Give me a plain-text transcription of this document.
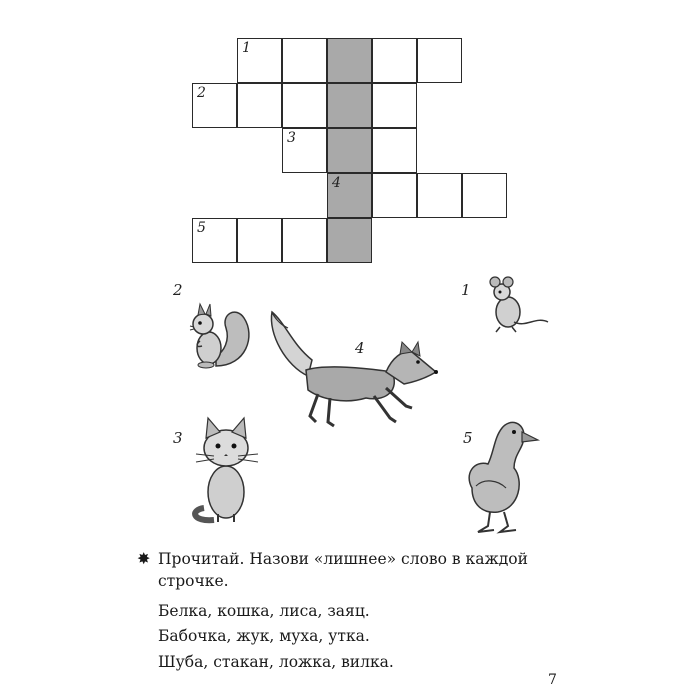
1
2
3
4
5
2	1
4
3	5
✸ Прочитай. Назови «лишнее» слово в каждой
строчке.
Белка, кошка, лиса, заяц.
Бабочка, жук, муха, утка.
Шуба, стакан, ложка, вилка.
7
